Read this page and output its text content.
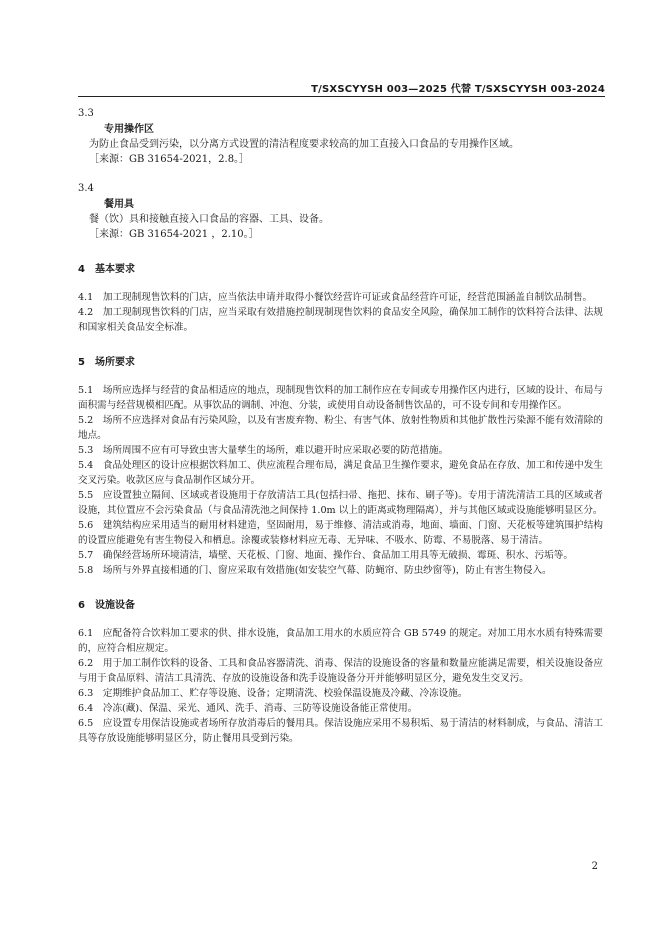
T/SXSCYYSH 003—2025 代替 T/SXSCYYSH 003-2024
3.3
专用操作区
为防止食品受到污染，以分离方式设置的清洁程度要求较高的加工直接入口食品的专用操作区域。
［来源：GB 31654-2021，2.8。］
3.4
餐用具
餐（饮）具和接触直接入口食品的容器、工具、设备。
［来源：GB 31654-2021 ，2.10。］
4　基本要求
4.1　加工现制现售饮料的门店，应当依法申请并取得小餐饮经营许可证或食品经营许可证，经营范围涵盖自制饮品制售。
4.2　加工现制现售饮料的门店，应当采取有效措施控制现制现售饮料的食品安全风险，确保加工制作的饮料符合法律、法规和国家相关食品安全标准。
5　场所要求
5.1　场所应选择与经营的食品相适应的地点，现制现售饮料的加工制作应在专间或专用操作区内进行，区域的设计、布局与面积需与经营规模相匹配。从事饮品的调制、冲泡、分装，或使用自动设备制售饮品的，可不设专间和专用操作区。
5.2　场所不应选择对食品有污染风险，以及有害废弃物、粉尘、有害气体、放射性物质和其他扩散性污染源不能有效清除的地点。
5.3　场所周围不应有可导致虫害大量孳生的场所，难以避开时应采取必要的防范措施。
5.4　食品处理区的设计应根据饮料加工、供应流程合理布局，满足食品卫生操作要求，避免食品在存放、加工和传递中发生交叉污染。收款区应与食品制作区域分开。
5.5　应设置独立隔间、区域或者设施用于存放清洁工具(包括扫帚、拖把、抹布、刷子等)。专用于清洗清洁工具的区域或者设施，其位置应不会污染食品（与食品清洗池之间保持 1.0m 以上的距离或物理隔离），并与其他区域或设施能够明显区分。
5.6　建筑结构应采用适当的耐用材料建造，坚固耐用，易于维修、清洁或消毒，地面、墙面、门窗、天花板等建筑围护结构的设置应能避免有害生物侵入和栖息。涂覆或装修材料应无毒、无异味、不吸水、防霉、不易脱落、易于清洁。
5.7　确保经营场所环境清洁，墙壁、天花板、门窗、地面、操作台、食品加工用具等无破损、霉斑、积水、污垢等。
5.8　场所与外界直接相通的门、窗应采取有效措施(如安装空气幕、防蝇帘、防虫纱窗等)，防止有害生物侵入。
6　设施设备
6.1　应配备符合饮料加工要求的供、排水设施，食品加工用水的水质应符合 GB 5749 的规定。对加工用水水质有特殊需要的，应符合相应规定。
6.2　用于加工制作饮料的设备、工具和食品容器清洗、消毒、保洁的设施设备的容量和数量应能满足需要，相关设施设备应与用于食品原料、清洁工具清洗、存放的设施设备和洗手设施设备分开并能够明显区分，避免发生交叉污。
6.3　定期维护食品加工、贮存等设施、设备；定期清洗、校验保温设施及冷藏、冷冻设施。
6.4　冷冻(藏)、保温、采光、通风、洗手、消毒、三防等设施设备能正常使用。
6.5　应设置专用保洁设施或者场所存放消毒后的餐用具。保洁设施应采用不易积垢、易于清洁的材料制成，与食品、清洁工具等存放设施能够明显区分，防止餐用具受到污染。
2
